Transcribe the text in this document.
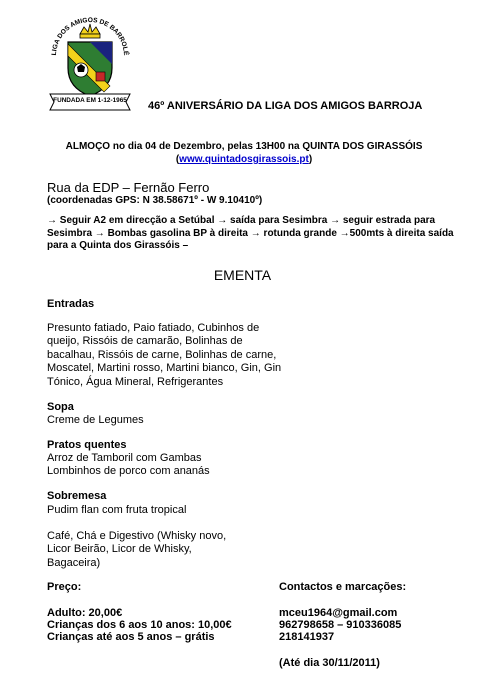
LIGA DOS AMIGOS DE BARROLÉ
FUNDADA EM 1-12-1965	46º ANIVERSÁRIO DA LIGA DOS AMIGOS BARROJA
ALMOÇO no dia 04 de Dezembro, pelas 13H00 na QUINTA DOS GIRASSÓIS
(www.quintadosgirassois.pt)
Rua da EDP – Fernão Ferro
(coordenadas GPS: N 38.58671º - W 9.10410º)
→ Seguir A2 em direcção a Setúbal → saída para Sesimbra → seguir estrada para Sesimbra → Bombas gasolina BP à direita → rotunda grande →500mts à direita saída para a Quinta dos Girassóis –
EMENTA
Entradas
Presunto fatiado, Paio fatiado, Cubinhos de queijo, Rissóis de camarão, Bolinhas de bacalhau, Rissóis de carne, Bolinhas de carne, Moscatel, Martini rosso, Martini bianco, Gin, Gin Tónico, Água Mineral, Refrigerantes
Sopa
Creme de Legumes
Pratos quentes
Arroz de Tamboril com Gambas
Lombinhos de porco com ananás
Sobremesa
Pudim flan com fruta tropical
Café, Chá e Digestivo (Whisky novo, Licor Beirão, Licor de Whisky, Bagaceira)
Preço:
Adulto: 20,00€
Crianças dos 6 aos 10 anos: 10,00€
Crianças até aos 5 anos – grátis
Contactos e marcações:
mceu1964@gmail.com
962798658 – 910336085
218141937
(Até dia 30/11/2011)
